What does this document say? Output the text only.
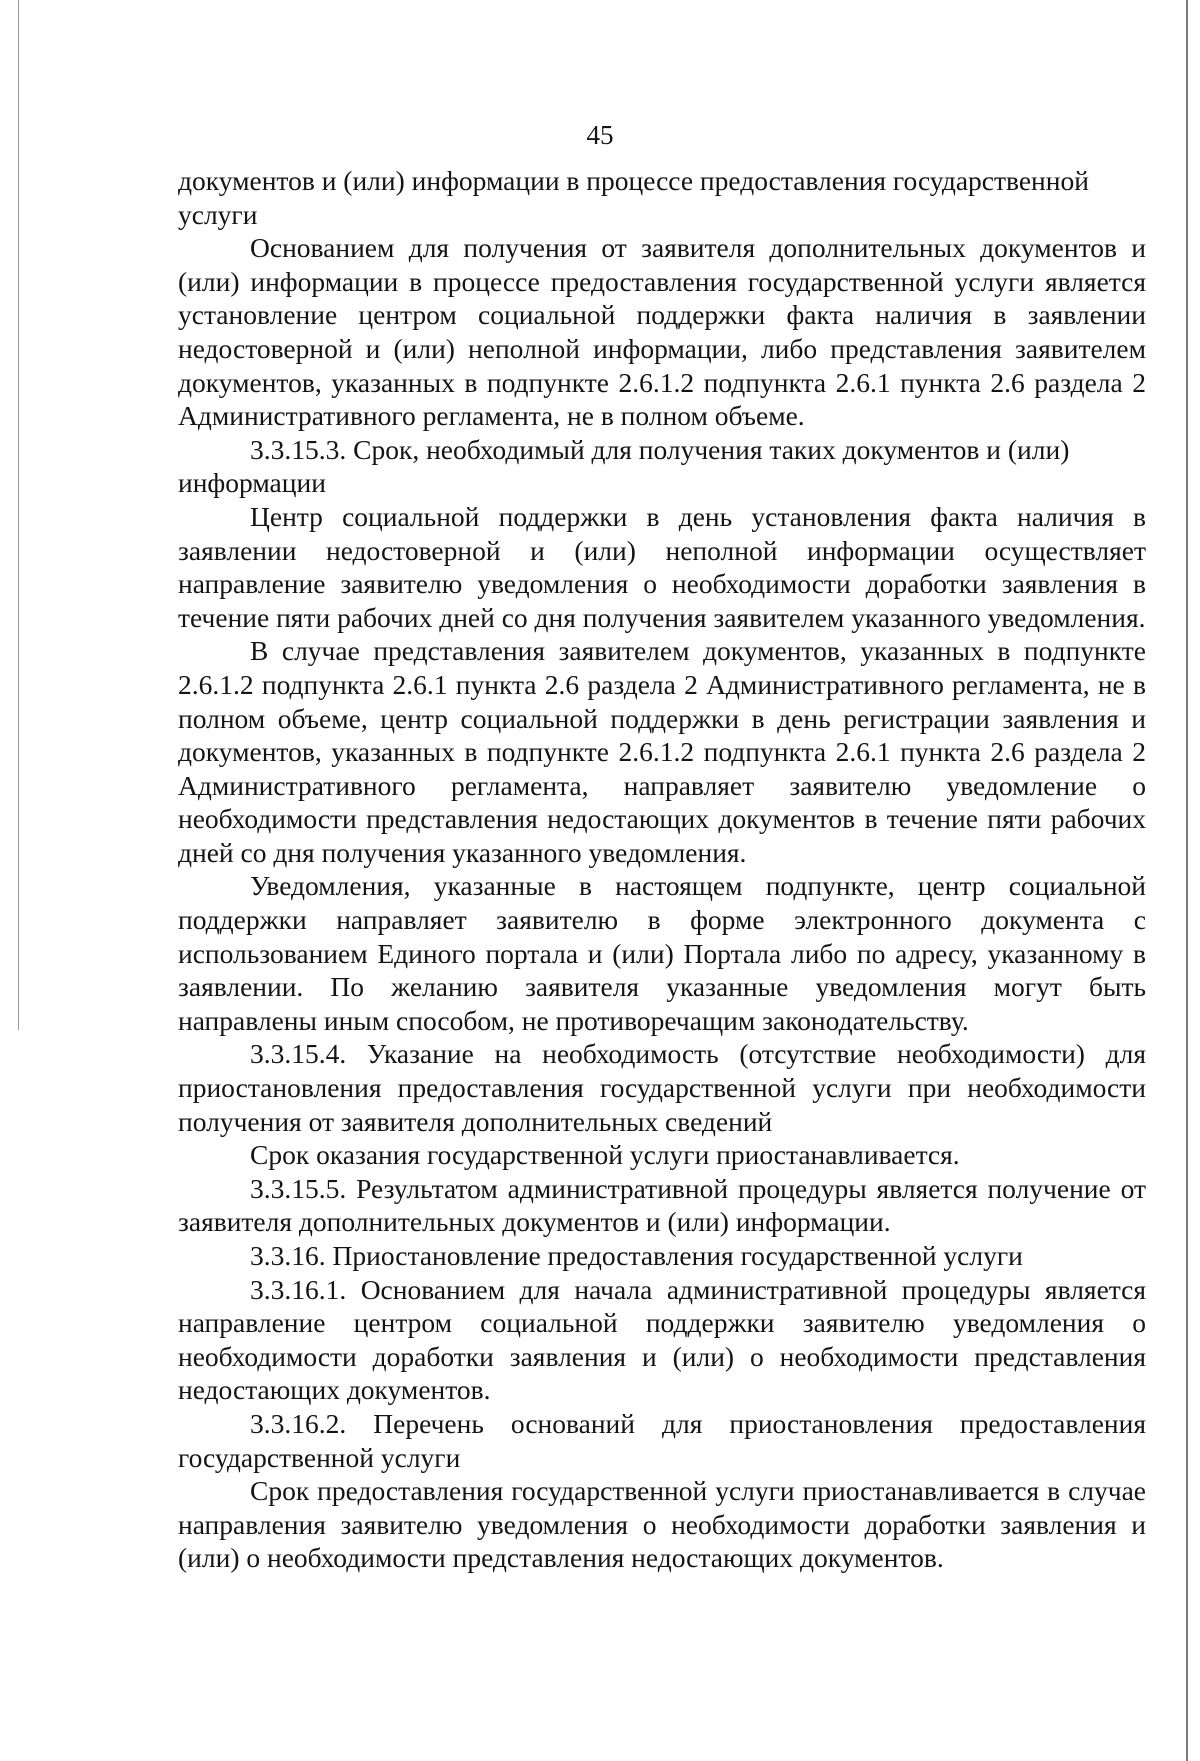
45

документов и (или) информации в процессе предоставления государственной услуги

Основанием для получения от заявителя дополнительных документов и (или) информации в процессе предоставления государственной услуги является установление центром социальной поддержки факта наличия в заявлении недостоверной и (или) неполной информации, либо представления заявителем документов, указанных в подпункте 2.6.1.2 подпункта 2.6.1 пункта 2.6 раздела 2 Административного регламента, не в полном объеме.

3.3.15.3. Срок, необходимый для получения таких документов и (или) информации

Центр социальной поддержки в день установления факта наличия в заявлении недостоверной и (или) неполной информации осуществляет направление заявителю уведомления о необходимости доработки заявления в течение пяти рабочих дней со дня получения заявителем указанного уведомления.

В случае представления заявителем документов, указанных в подпункте 2.6.1.2 подпункта 2.6.1 пункта 2.6 раздела 2 Административного регламента, не в полном объеме, центр социальной поддержки в день регистрации заявления и документов, указанных в подпункте 2.6.1.2 подпункта 2.6.1 пункта 2.6 раздела 2 Административного регламента, направляет заявителю уведомление о необходимости представления недостающих документов в течение пяти рабочих дней со дня получения указанного уведомления.

Уведомления, указанные в настоящем подпункте, центр социальной поддержки направляет заявителю в форме электронного документа с использованием Единого портала и (или) Портала либо по адресу, указанному в заявлении. По желанию заявителя указанные уведомления могут быть направлены иным способом, не противоречащим законодательству.

3.3.15.4. Указание на необходимость (отсутствие необходимости) для приостановления предоставления государственной услуги при необходимости получения от заявителя дополнительных сведений

Срок оказания государственной услуги приостанавливается.

3.3.15.5. Результатом административной процедуры является получение от заявителя дополнительных документов и (или) информации.

3.3.16. Приостановление предоставления государственной услуги

3.3.16.1. Основанием для начала административной процедуры является направление центром социальной поддержки заявителю уведомления о необходимости доработки заявления и (или) о необходимости представления недостающих документов.

3.3.16.2. Перечень оснований для приостановления предоставления государственной услуги

Срок предоставления государственной услуги приостанавливается в случае направления заявителю уведомления о необходимости доработки заявления и (или) о необходимости представления недостающих документов.
